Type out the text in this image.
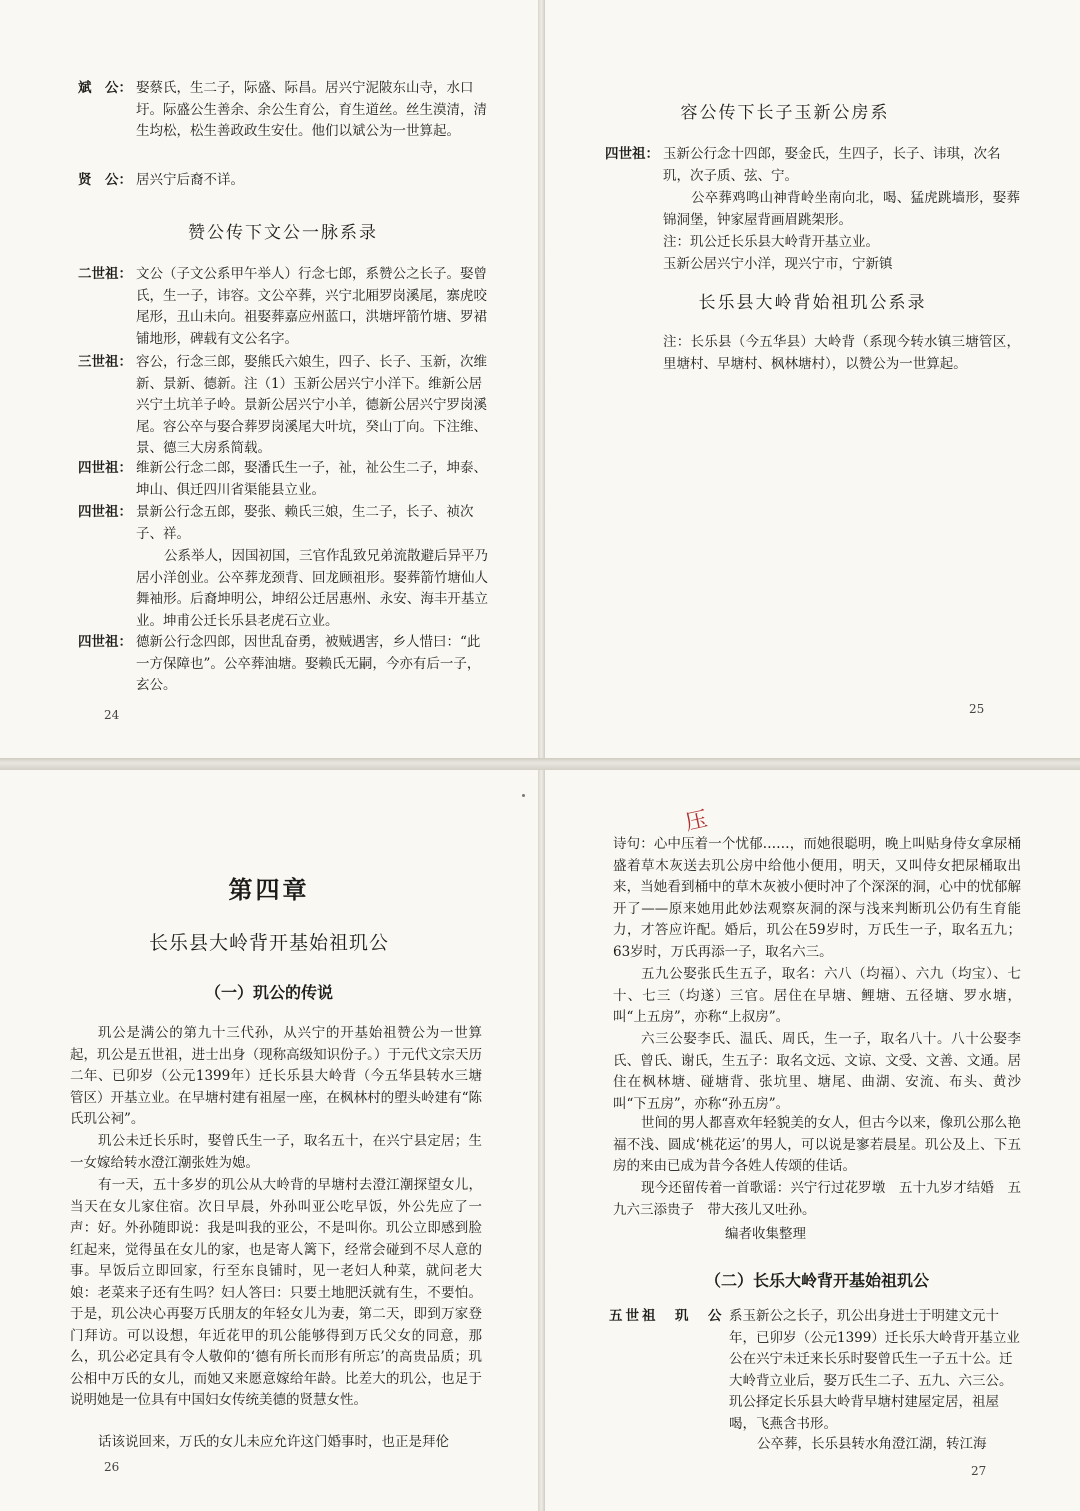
斌　公： 娶蔡氏，生二子，际盛、际昌。居兴宁泥陂东山寺，水口圩。际盛公生善余、余公生育公，育生道丝。丝生漠清，清生均松，松生善政政生安仕。他们以斌公为一世算起。
贤　公： 居兴宁后裔不详。
赞公传下文公一脉系录
二世祖： 文公（子文公系甲午举人）行念七郎，系赞公之长子。娶曾氏，生一子，讳容。文公卒葬，兴宁北厢罗岗溪尾，寨虎咬尾形，丑山未向。祖娶葬嘉应州蓝口，洪塘坪箭竹塘、罗裙铺地形，碑载有文公名字。
三世祖： 容公，行念三郎，娶熊氏六娘生，四子、长子、玉新，次维新、景新、德新。注（1）玉新公居兴宁小洋下。维新公居兴宁土坑羊子岭。景新公居兴宁小羊，德新公居兴宁罗岗溪尾。容公卒与娶合葬罗岗溪尾大叶坑，癸山丁向。下注维、景、德三大房系简载。
四世祖： 维新公行念二郎，娶潘氏生一子，祉，祉公生二子，坤泰、坤山、俱迁四川省渠能县立业。
四世祖： 景新公行念五郎，娶张、赖氏三娘，生二子，长子、祯次子、祥。
公系举人，因国初国，三官作乱致兄弟流散避后异平乃居小洋创业。公卒葬龙颈背、回龙顾祖形。娶葬箭竹塘仙人舞袖形。后裔坤明公，坤绍公迁居惠州、永安、海丰开基立业。坤甫公迁长乐县老虎石立业。
四世祖： 德新公行念四郎，因世乱奋勇，被贼遇害，乡人惜曰：“此一方保障也”。公卒葬油塘。娶赖氏无嗣，今亦有后一子，玄公。
24
容公传下长子玉新公房系
四世祖： 玉新公行念十四郎，娶金氏，生四子，长子、讳琪，次名玑，次子质、弦、宁。
公卒葬鸡鸣山神背岭坐南向北，喝、猛虎跳墙形，娶葬锦洞堡，钟家屋背画眉跳架形。
注：玑公迁长乐县大岭背开基立业。
玉新公居兴宁小洋，现兴宁市，宁新镇
长乐县大岭背始祖玑公系录
注：长乐县（今五华县）大岭背（系现今转水镇三塘管区，里塘村、早塘村、枫林塘村），以赞公为一世算起。
25
第四章
长乐县大岭背开基始祖玑公
（一）玑公的传说
玑公是满公的第九十三代孙，从兴宁的开基始祖赞公为一世算起，玑公是五世祖，进士出身（现称高级知识份子。）于元代文宗天历二年、已卯岁（公元1399年）迁长乐县大岭背（今五华县转水三塘管区）开基立业。在早塘村建有祖屋一座，在枫林村的塱头岭建有“陈氏玑公祠”。
玑公未迁长乐时，娶曾氏生一子，取名五十，在兴宁县定居；生一女嫁给转水澄江潮张姓为媳。
有一天，五十多岁的玑公从大岭背的早塘村去澄江潮探望女儿，当天在女儿家住宿。次日早晨，外孙叫亚公吃早饭，外公先应了一声：好。外孙随即说：我是叫我的亚公，不是叫你。玑公立即感到脸红起来，觉得虽在女儿的家，也是寄人篱下，经常会碰到不尽人意的事。早饭后立即回家，行至东良铺时，见一老妇人种菜，就问老大娘：老菜来子还有生吗？妇人答曰：只要土地肥沃就有生，不要怕。于是，玑公决心再娶万氏朋友的年轻女儿为妻，第二天，即到万家登门拜访。可以设想，年近花甲的玑公能够得到万氏父女的同意，那么，玑公必定具有令人敬仰的‘德有所长而形有所忘’的高贵品质；玑公相中万氏的女儿，而她又来愿意嫁给年龄。比差大的玑公，也足于说明她是一位具有中国妇女传统美德的贤慧女性。
话该说回来，万氏的女儿未应允许这门婚事时，也正是拜伦
26
压
诗句：心中压着一个忧郁……，而她很聪明，晚上叫贴身侍女拿尿桶盛着草木灰送去玑公房中给他小便用，明天，又叫侍女把尿桶取出来，当她看到桶中的草木灰被小便时冲了个深深的洞，心中的忧郁解开了——原来她用此妙法观察灰洞的深与浅来判断玑公仍有生育能力，才答应许配。婚后，玑公在59岁时，万氏生一子，取名五九；63岁时，万氏再添一子，取名六三。
五九公娶张氏生五子，取名：六八（均福）、六九（均宝）、七十、七三（均遂）三官。居住在早塘、鲤塘、五径塘、罗水塘，叫“上五房”，亦称“上叔房”。
六三公娶李氏、温氏、周氏，生一子，取名八十。八十公娶李氏、曾氏、谢氏，生五子：取名文远、文谅、文受、文善、文通。居住在枫林塘、碰塘背、张坑里、塘尾、曲湖、安流、布头、黄沙叫“下五房”，亦称“孙五房”。
世间的男人都喜欢年轻貌美的女人，但古今以来，像玑公那么艳福不浅、圆成‘桃花运’的男人，可以说是寥若晨星。玑公及上、下五房的来由已成为昔今各姓人传颂的佳话。
现今还留传着一首歌谣：兴宁行过花罗墩　五十九岁才结婚　五九六三添贵子　带大孩儿又吐孙。
编者收集整理
（二）长乐大岭背开基始祖玑公
五世祖　玑　公 系玉新公之长子，玑公出身进士于明建文元十年，已卯岁（公元1399）迁长乐大岭背开基立业公在兴宁未迁来长乐时娶曾氏生一子五十公。迁大岭背立业后，娶万氏生二子、五九、六三公。玑公择定长乐县大岭背早塘村建屋定居，祖屋喝，飞燕含书形。
公卒葬，长乐县转水角澄江湖，转江海
27
